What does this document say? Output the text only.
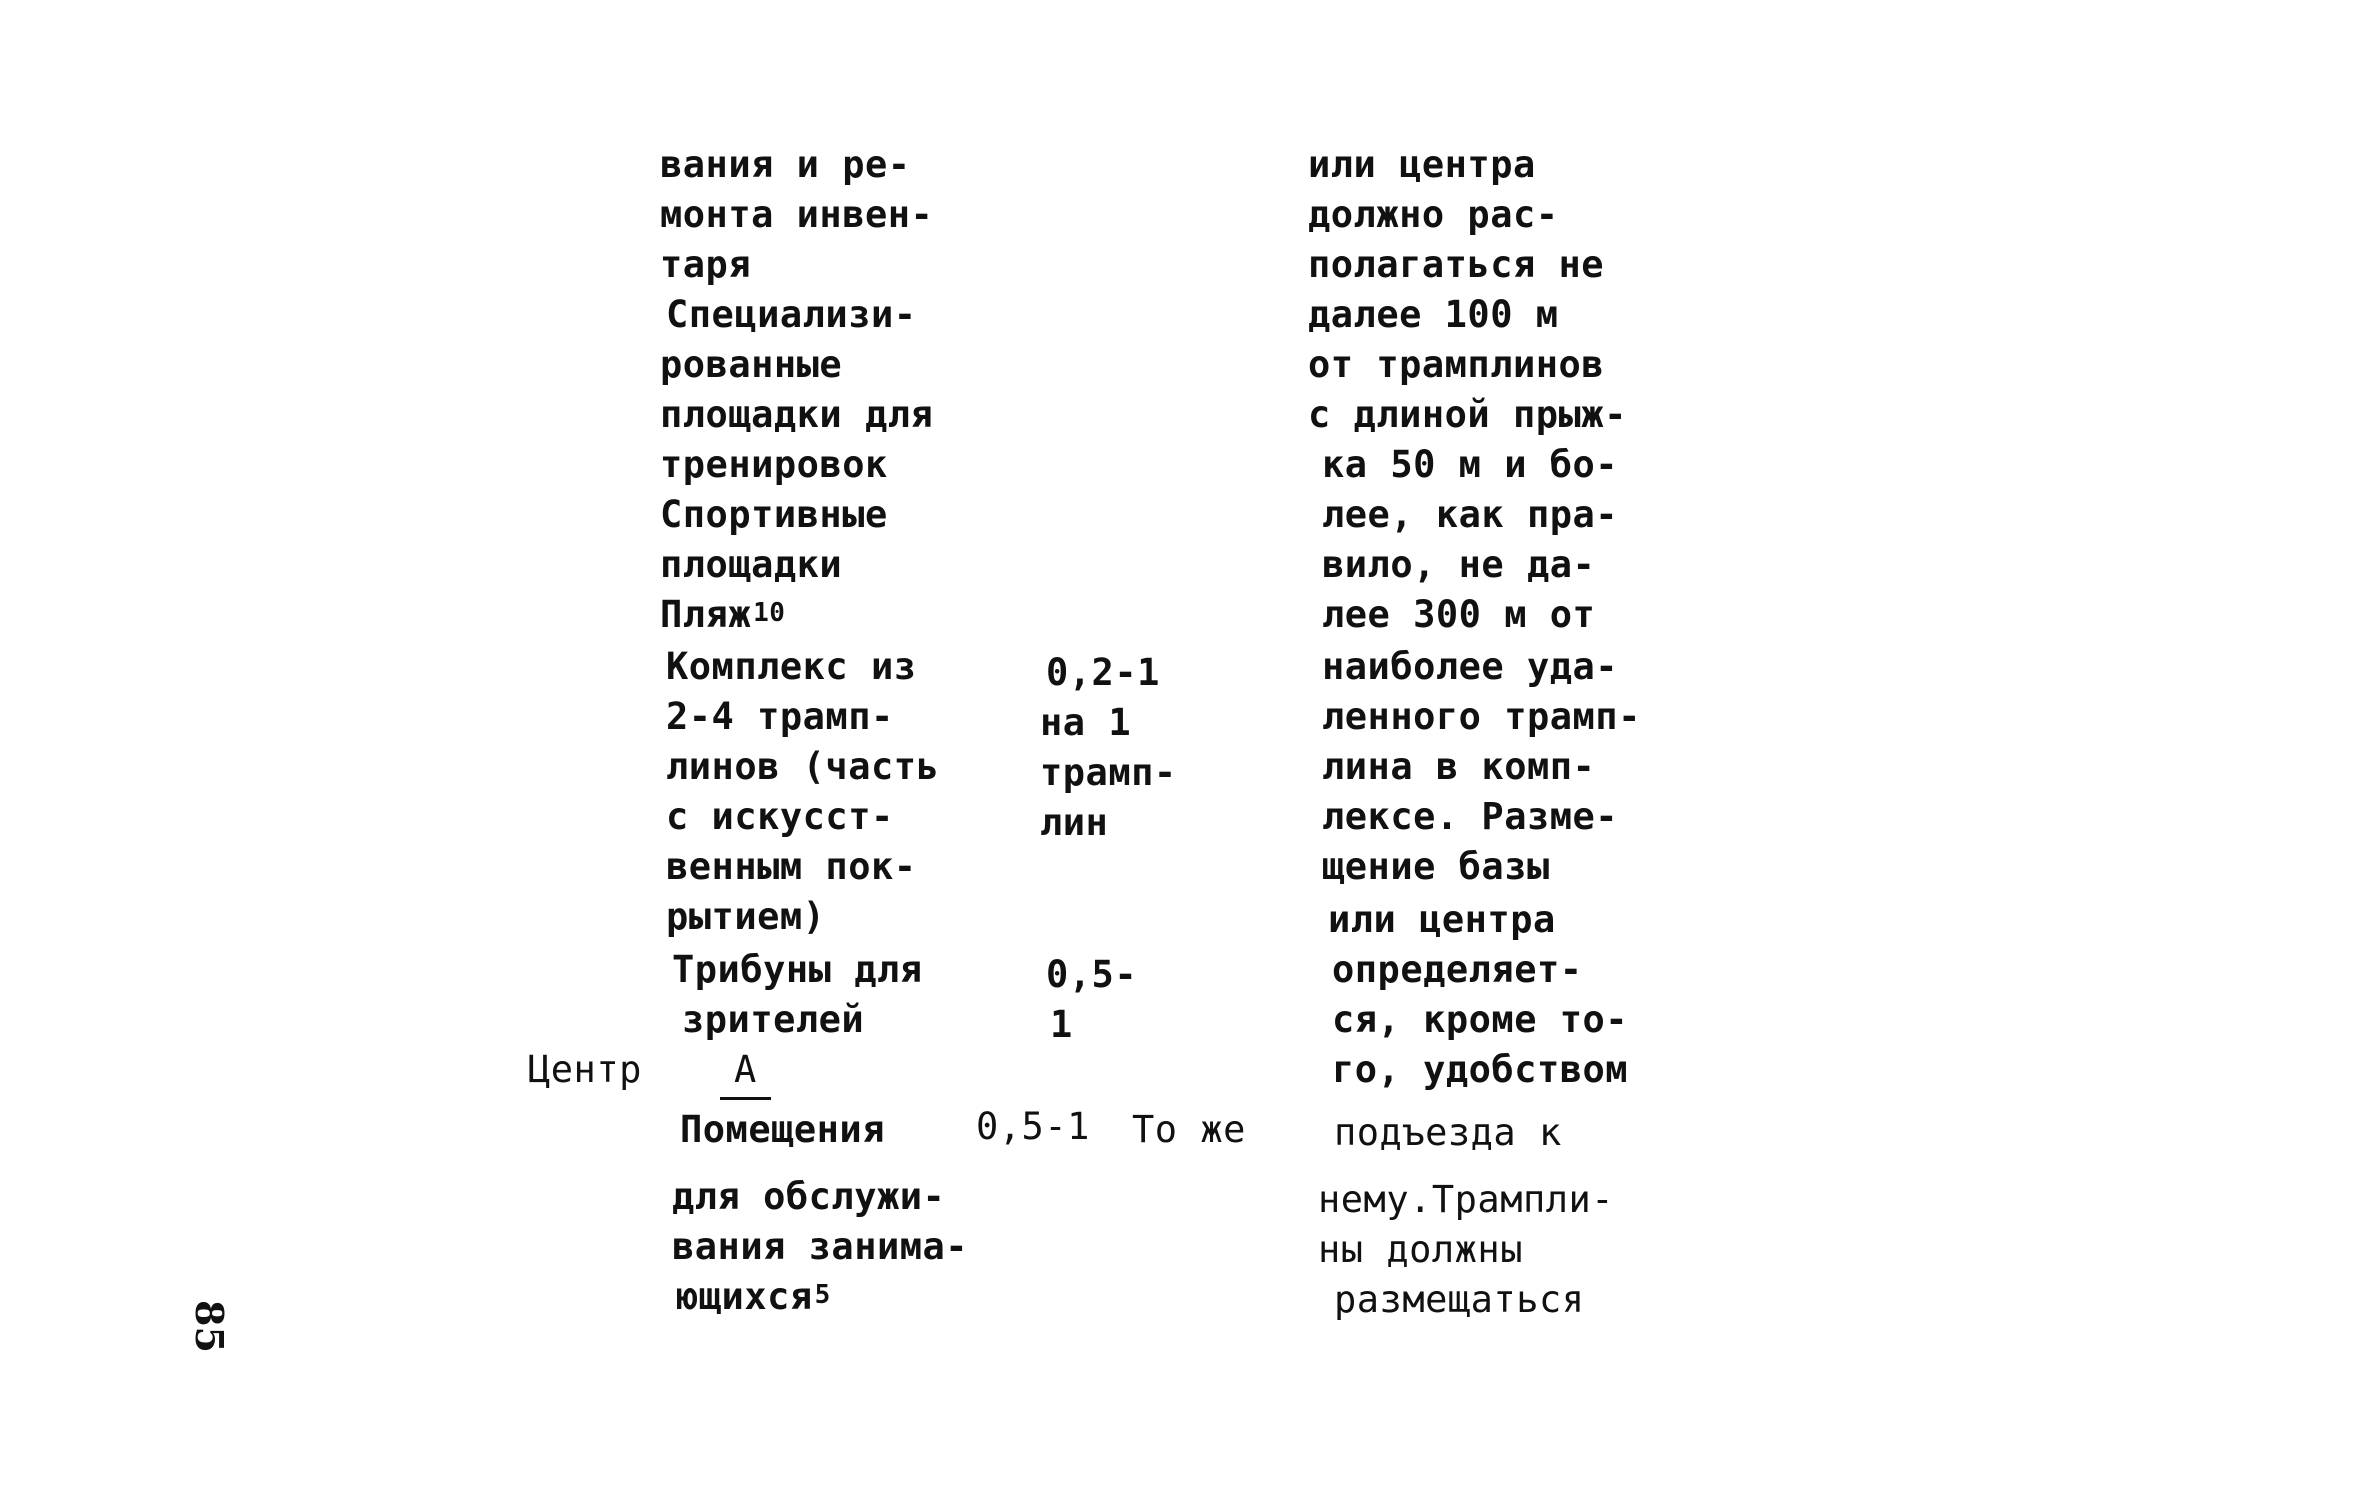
Центр	А
вания и ре-
монта инвен-
таря
Специализи-
рованные
площадки для
тренировок
Спортивные
площадки
Пляж$^{10}$
Комплекс из
2-4 трамп-
линов (часть
с искусст-
венным пок-
рытием)
Трибуны для
зрителей
Помещения
для обслужи-
вания занима-
ющихся$^5$
0,2-1
на 1
трамп-
лин
0,5-
1
0,5-1 То же
или центра
должно рас-
полагаться не
далее 100 м
от трамплинов
с длиной прыж-
ка 50 м и бо-
лее, как пра-
вило, не да-
лее 300 м от
наиболее уда-
ленного трамп-
лина в комп-
лексе. Разме-
щение базы
или центра
определяет-
ся, кроме то-
го, удобством
подъезда к
нему.Трампли-
ны должны
размещаться
85
